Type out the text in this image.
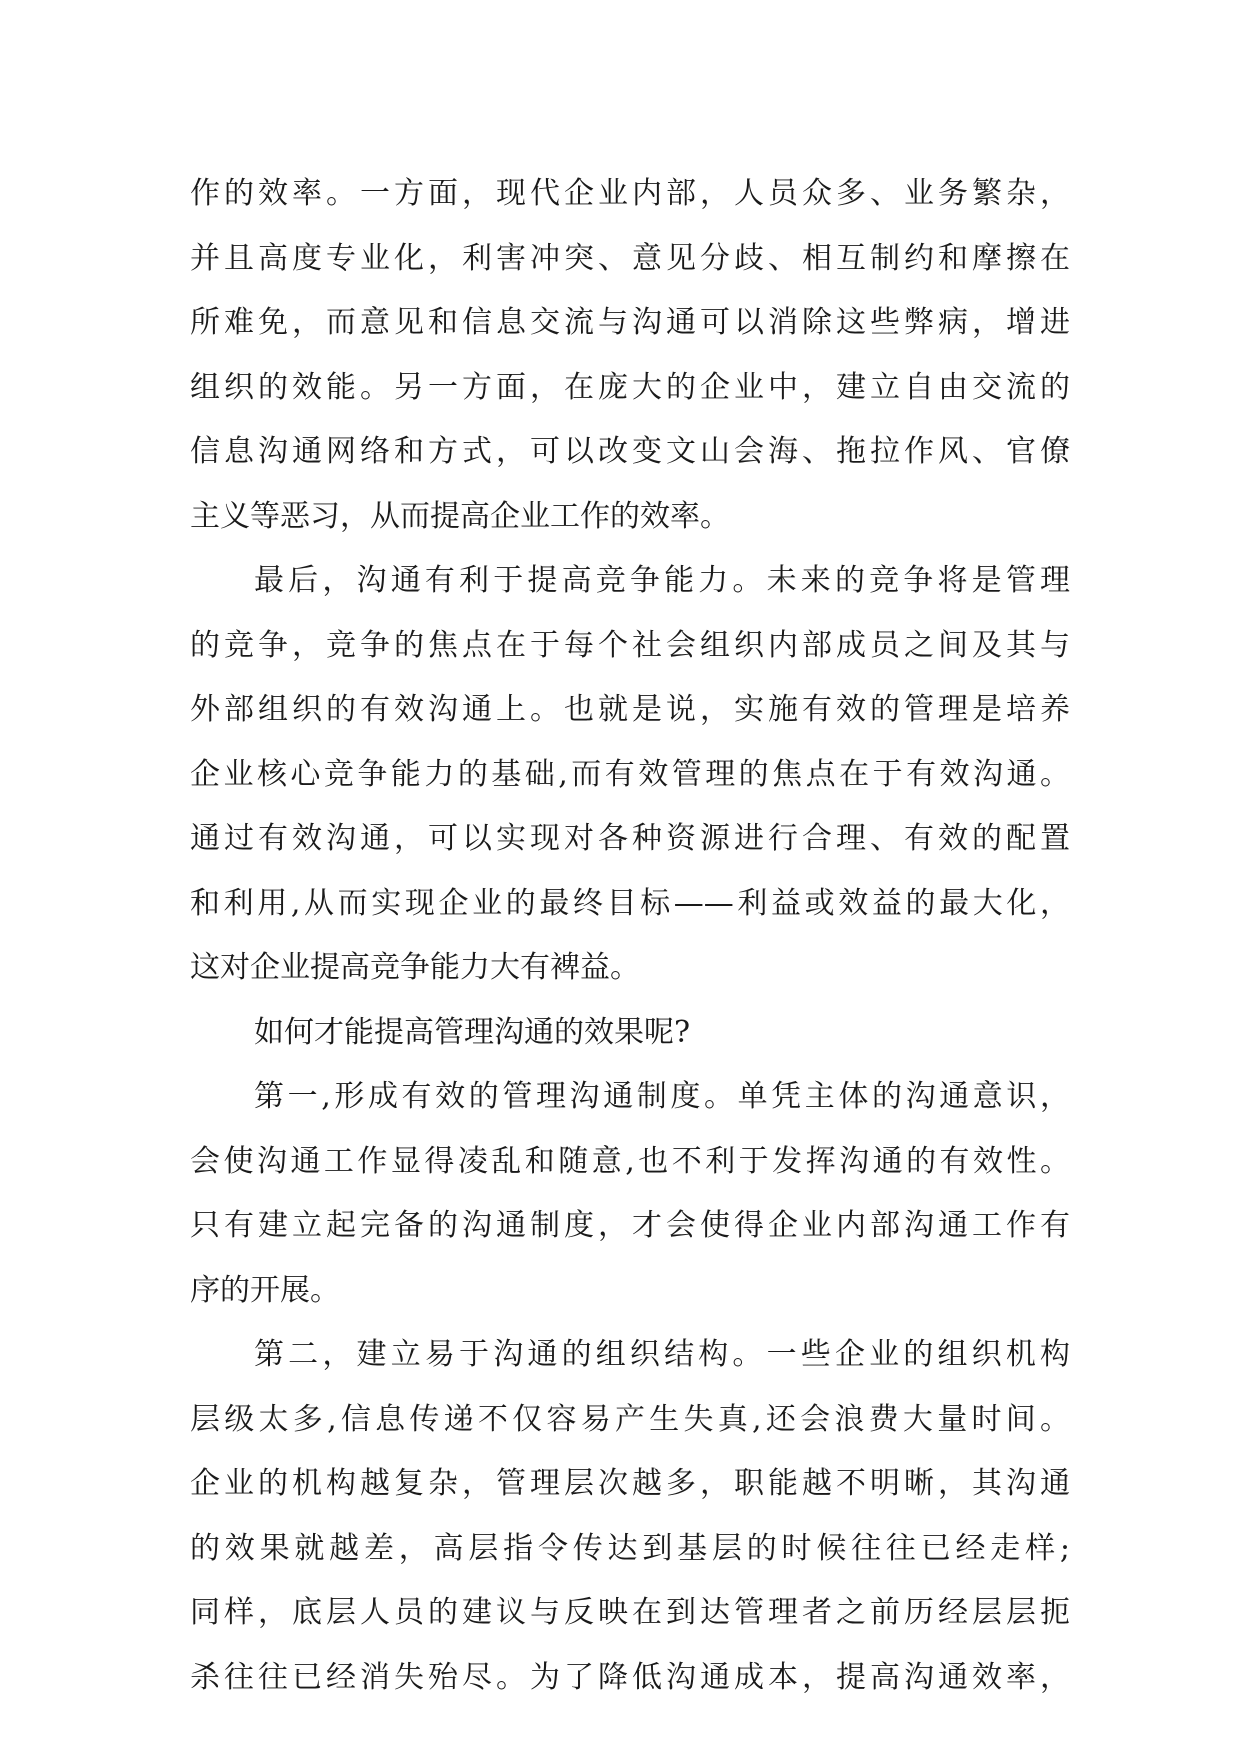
作的效率。一方面，现代企业内部，人员众多、业务繁杂，
并且高度专业化，利害冲突、意见分歧、相互制约和摩擦在
所难免，而意见和信息交流与沟通可以消除这些弊病，增进
组织的效能。另一方面，在庞大的企业中，建立自由交流的
信息沟通网络和方式，可以改变文山会海、拖拉作风、官僚
主义等恶习，从而提高企业工作的效率。
最后，沟通有利于提高竞争能力。未来的竞争将是管理
的竞争，竞争的焦点在于每个社会组织内部成员之间及其与
外部组织的有效沟通上。也就是说，实施有效的管理是培养
企业核心竞争能力的基础,而有效管理的焦点在于有效沟通。
通过有效沟通，可以实现对各种资源进行合理、有效的配置
和利用,从而实现企业的最终目标——利益或效益的最大化，
这对企业提高竞争能力大有裨益。
如何才能提高管理沟通的效果呢?
第一,形成有效的管理沟通制度。单凭主体的沟通意识，
会使沟通工作显得凌乱和随意,也不利于发挥沟通的有效性。
只有建立起完备的沟通制度，才会使得企业内部沟通工作有
序的开展。
第二，建立易于沟通的组织结构。一些企业的组织机构
层级太多,信息传递不仅容易产生失真,还会浪费大量时间。
企业的机构越复杂，管理层次越多，职能越不明晰，其沟通
的效果就越差，高层指令传达到基层的时候往往已经走样;
同样，底层人员的建议与反映在到达管理者之前历经层层扼
杀往往已经消失殆尽。为了降低沟通成本，提高沟通效率，
